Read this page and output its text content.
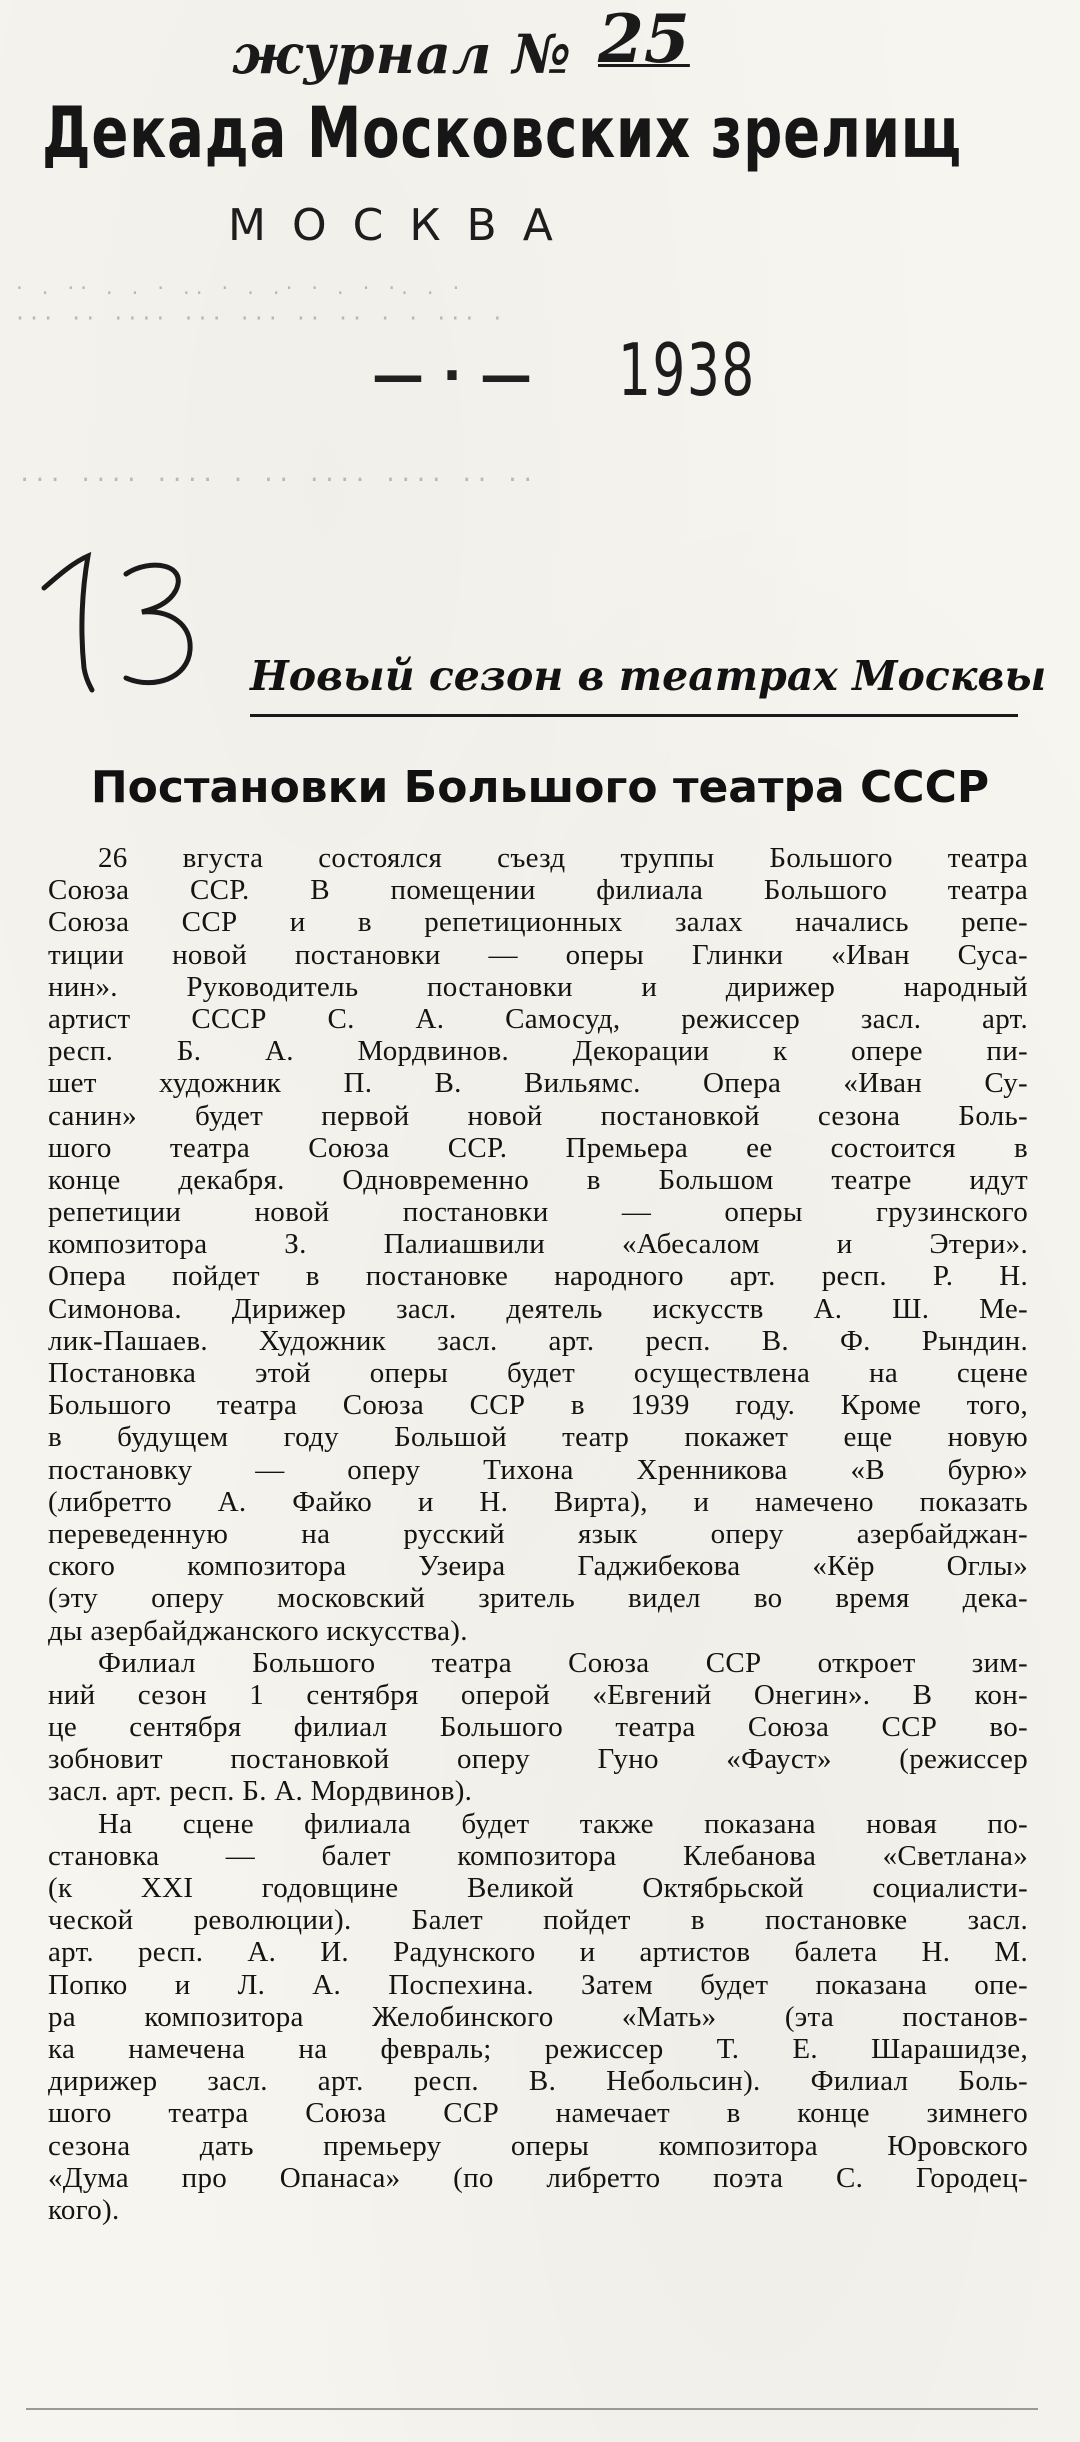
журнал № 25
Декада Московских зрелищ
МОСКВА
· . ·· . . · .. · . .· · . · ·. . ·
··· ·· ···· ··· ··· ·· ·· · · ··· ·
··· ···· ···· · ·· ···· ···· ·· ··
— · — 1938
Новый сезон в театрах Москвы
Постановки Большого театра СССР
26 вгуста состоялся съезд труппы Большого театра
Союза ССР. В помещении филиала Большого театра
Союза ССР и в репетиционных залах начались репе-
тиции новой постановки — оперы Глинки «Иван Суса-
нин». Руководитель постановки и дирижер народный
артист СССР С. А. Самосуд, режиссер засл. арт.
респ. Б. А. Мордвинов. Декорации к опере пи-
шет художник П. В. Вильямс. Опера «Иван Су-
санин» будет первой новой постановкой сезона Боль-
шого театра Союза ССР. Премьера ее состоится в
конце декабря. Одновременно в Большом театре идут
репетиции новой постановки — оперы грузинского
композитора З. Палиашвили «Абесалом и Этери».
Опера пойдет в постановке народного арт. респ. Р. Н.
Симонова. Дирижер засл. деятель искусств А. Ш. Ме-
лик-Пашаев. Художник засл. арт. респ. В. Ф. Рындин.
Постановка этой оперы будет осуществлена на сцене
Большого театра Союза ССР в 1939 году. Кроме того,
в будущем году Большой театр покажет еще новую
постановку — оперу Тихона Хренникова «В бурю»
(либретто А. Файко и Н. Вирта), и намечено показать
переведенную на русский язык оперу азербайджан-
ского композитора Узеира Гаджибекова «Кёр Оглы»
(эту оперу московский зритель видел во время дека-
ды азербайджанского искусства).
Филиал Большого театра Союза ССР откроет зим-
ний сезон 1 сентября оперой «Евгений Онегин». В кон-
це сентября филиал Большого театра Союза ССР во-
зобновит постановкой оперу Гуно «Фауст» (режиссер
засл. арт. респ. Б. А. Мордвинов).
На сцене филиала будет также показана новая по-
становка — балет композитора Клебанова «Светлана»
(к XXI годовщине Великой Октябрьской социалисти-
ческой революции). Балет пойдет в постановке засл.
арт. респ. А. И. Радунского и артистов балета Н. М.
Попко и Л. А. Поспехина. Затем будет показана опе-
ра композитора Желобинского «Мать» (эта постанов-
ка намечена на февраль; режиссер Т. Е. Шарашидзе,
дирижер засл. арт. респ. В. Небольсин). Филиал Боль-
шого театра Союза ССР намечает в конце зимнего
сезона дать премьеру оперы композитора Юровского
«Дума про Опанаса» (по либретто поэта С. Городец-
кого).
